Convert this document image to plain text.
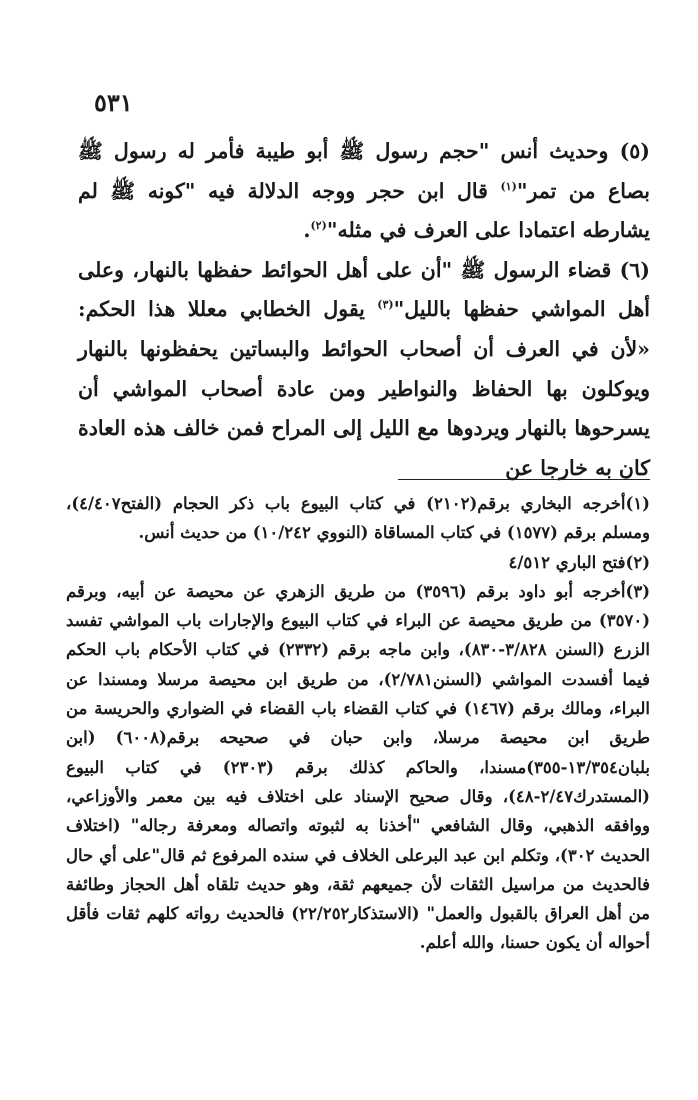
٥٣١

(٥) وحديث أنس "حجم رسول ﷺ أبو طيبة فأمر له رسول ﷺ بصاع من تمر"$^{(١)}$ قال ابن حجر ووجه الدلالة فيه "كونه ﷺ لم يشارطه اعتمادا على العرف في مثله"$^{(٢)}$.

(٦) قضاء الرسول ﷺ "أن على أهل الحوائط حفظها بالنهار، وعلى أهل المواشي حفظها بالليل"$^{(٣)}$ يقول الخطابي معللا هذا الحكم: «لأن في العرف أن أصحاب الحوائط والبساتين يحفظونها بالنهار ويوكلون بها الحفاظ والنواطير ومن عادة أصحاب المواشي أن يسرحوها بالنهار ويردوها مع الليل إلى المراح فمن خالف هذه العادة كان به خارجا عن

(١)أخرجه البخاري برقم(٢١٠٢) في كتاب البيوع باب ذكر الحجام (الفتح٤/٤٠٧)، ومسلم برقم (١٥٧٧) في كتاب المساقاة (النووي ١٠/٢٤٢) من حديث أنس.

(٢)فتح الباري ٤/٥١٢

(٣)أخرجه أبو داود برقم (٣٥٩٦) من طريق الزهري عن محيصة عن أبيه، وبرقم (٣٥٧٠) من طريق محيصة عن البراء في كتاب البيوع والإجارات باب المواشي تفسد الزرع (السنن ٣/٨٢٨-٨٣٠)، وابن ماجه برقم (٢٣٣٢) في كتاب الأحكام باب الحكم فيما أفسدت المواشي (السنن٢/٧٨١)، من طريق ابن محيصة مرسلا ومسندا عن البراء، ومالك برقم (١٤٦٧) في كتاب القضاء باب القضاء في الضواري والحريسة من طريق ابن محيصة مرسلا، وابن حبان في صحيحه برقم(٦٠٠٨) (ابن بلبان١٣/٣٥٤-٣٥٥)مسندا، والحاكم كذلك برقم (٢٣٠٣) في كتاب البيوع (المستدرك٢/٤٧-٤٨)، وقال صحيح الإسناد على اختلاف فيه بين معمر والأوزاعي، ووافقه الذهبي، وقال الشافعي "أخذنا به لثبوته واتصاله ومعرفة رجاله" (اختلاف الحديث ٣٠٢)، وتكلم ابن عبد البرعلى الخلاف في سنده المرفوع ثم قال"على أي حال فالحديث من مراسيل الثقات لأن جميعهم ثقة، وهو حديث تلقاه أهل الحجاز وطائفة من أهل العراق بالقبول والعمل" (الاستذكار٢٢/٢٥٢) فالحديث رواته كلهم ثقات فأقل أحواله أن يكون حسنا، والله أعلم.
